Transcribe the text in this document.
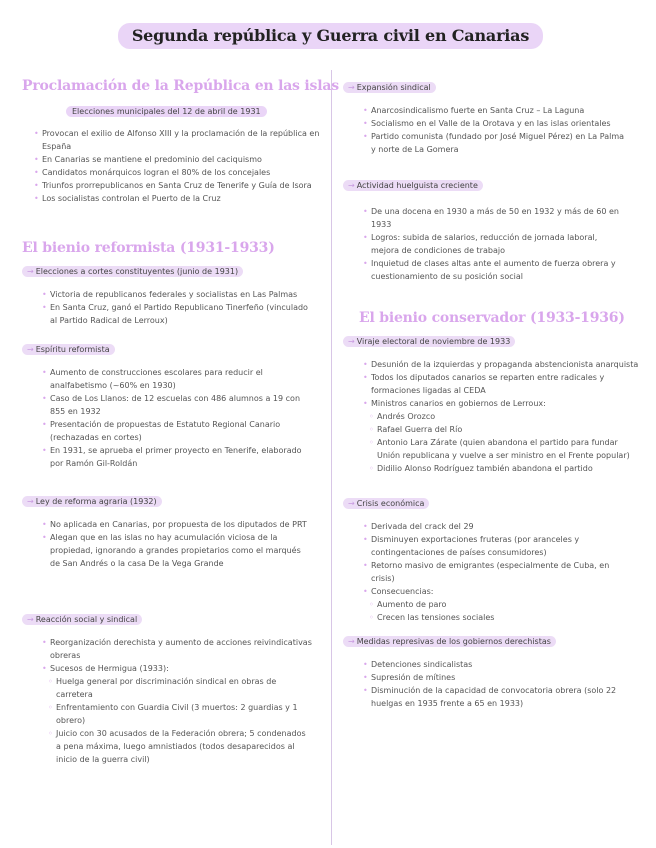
Segunda república y Guerra civil en Canarias
Proclamación de la República en las islas
Elecciones municipales del 12 de abril de 1931
• Provocan el exilio de Alfonso XIII y la proclamación de la república en España
• En Canarias se mantiene el predominio del caciquismo
• Candidatos monárquicos logran el 80% de los concejales
• Triunfos prorrepublicanos en Santa Cruz de Tenerife y Guía de Isora
• Los socialistas controlan el Puerto de la Cruz
El bienio reformista (1931-1933)
→ Elecciones a cortes constituyentes (junio de 1931)
• Victoria de republicanos federales y socialistas en Las Palmas
• En Santa Cruz, ganó el Partido Republicano Tinerfeño (vinculado al Partido Radical de Lerroux)
→ Espíritu reformista
• Aumento de construcciones escolares para reducir el analfabetismo (~60% en 1930)
• Caso de Los Llanos: de 12 escuelas con 486 alumnos a 19 con 855 en 1932
• Presentación de propuestas de Estatuto Regional Canario (rechazadas en cortes)
• En 1931, se aprueba el primer proyecto en Tenerife, elaborado por Ramón Gil-Roldán
→ Ley de reforma agraria (1932)
• No aplicada en Canarias, por propuesta de los diputados de PRT
• Alegan que en las islas no hay acumulación viciosa de la propiedad, ignorando a grandes propietarios como el marqués de San Andrés o la casa De la Vega Grande
→ Reacción social y sindical
• Reorganización derechista y aumento de acciones reivindicativas obreras
• Sucesos de Hermigua (1933):
◦ Huelga general por discriminación sindical en obras de carretera
◦ Enfrentamiento con Guardia Civil (3 muertos: 2 guardias y 1 obrero)
◦ Juicio con 30 acusados de la Federación obrera; 5 condenados a pena máxima, luego amnistiados (todos desaparecidos al inicio de la guerra civil)
→ Expansión sindical
• Anarcosindicalismo fuerte en Santa Cruz – La Laguna
• Socialismo en el Valle de la Orotava y en las islas orientales
• Partido comunista (fundado por José Miguel Pérez) en La Palma y norte de La Gomera
→ Actividad huelguista creciente
• De una docena en 1930 a más de 50 en 1932 y más de 60 en 1933
• Logros: subida de salarios, reducción de jornada laboral, mejora de condiciones de trabajo
• Inquietud de clases altas ante el aumento de fuerza obrera y cuestionamiento de su posición social
El bienio conservador (1933-1936)
→ Viraje electoral de noviembre de 1933
• Desunión de la izquierdas y propaganda abstencionista anarquista
• Todos los diputados canarios se reparten entre radicales y formaciones ligadas al CEDA
• Ministros canarios en gobiernos de Lerroux:
◦ Andrés Orozco
◦ Rafael Guerra del Río
◦ Antonio Lara Zárate (quien abandona el partido para fundar Unión republicana y vuelve a ser ministro en el Frente popular)
◦ Didilio Alonso Rodríguez también abandona el partido
→ Crisis económica
• Derivada del crack del 29
• Disminuyen exportaciones fruteras (por aranceles y contingentaciones de países consumidores)
• Retorno masivo de emigrantes (especialmente de Cuba, en crisis)
• Consecuencias:
◦ Aumento de paro
◦ Crecen las tensiones sociales
→ Medidas represivas de los gobiernos derechistas
• Detenciones sindicalistas
• Supresión de mítines
• Disminución de la capacidad de convocatoria obrera (solo 22 huelgas en 1935 frente a 65 en 1933)
